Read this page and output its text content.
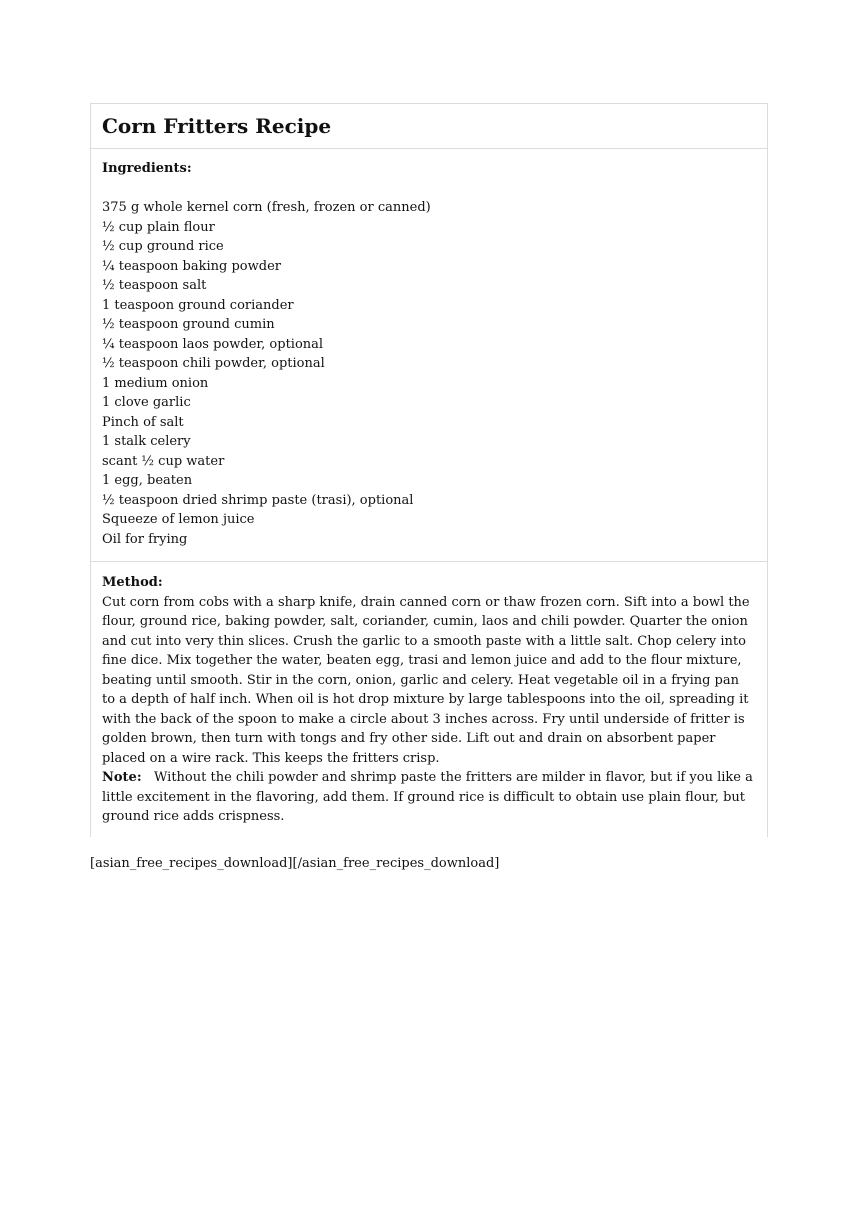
Corn Fritters Recipe

Ingredients:

375 g whole kernel corn (fresh, frozen or canned)
½ cup plain flour
½ cup ground rice
¼ teaspoon baking powder
½ teaspoon salt
1 teaspoon ground coriander
½ teaspoon ground cumin
¼ teaspoon laos powder, optional
½ teaspoon chili powder, optional
1 medium onion
1 clove garlic
Pinch of salt
1 stalk celery
scant ½ cup water
1 egg, beaten
½ teaspoon dried shrimp paste (trasi), optional
Squeeze of lemon juice
Oil for frying

Method:

Cut corn from cobs with a sharp knife, drain canned corn or thaw frozen corn. Sift into a bowl the flour, ground rice, baking powder, salt, coriander, cumin, laos and chili powder. Quarter the onion and cut into very thin slices. Crush the garlic to a smooth paste with a little salt. Chop celery into fine dice. Mix together the water, beaten egg, trasi and lemon juice and add to the flour mixture, beating until smooth. Stir in the corn, onion, garlic and celery. Heat vegetable oil in a frying pan to a depth of half inch. When oil is hot drop mixture by large tablespoons into the oil, spreading it with the back of the spoon to make a circle about 3 inches across. Fry until underside of fritter is golden brown, then turn with tongs and fry other side. Lift out and drain on absorbent paper placed on a wire rack. This keeps the fritters crisp.

Note: Without the chili powder and shrimp paste the fritters are milder in flavor, but if you like a little excitement in the flavoring, add them. If ground rice is difficult to obtain use plain flour, but ground rice adds crispness.

[asian_free_recipes_download][/asian_free_recipes_download]
